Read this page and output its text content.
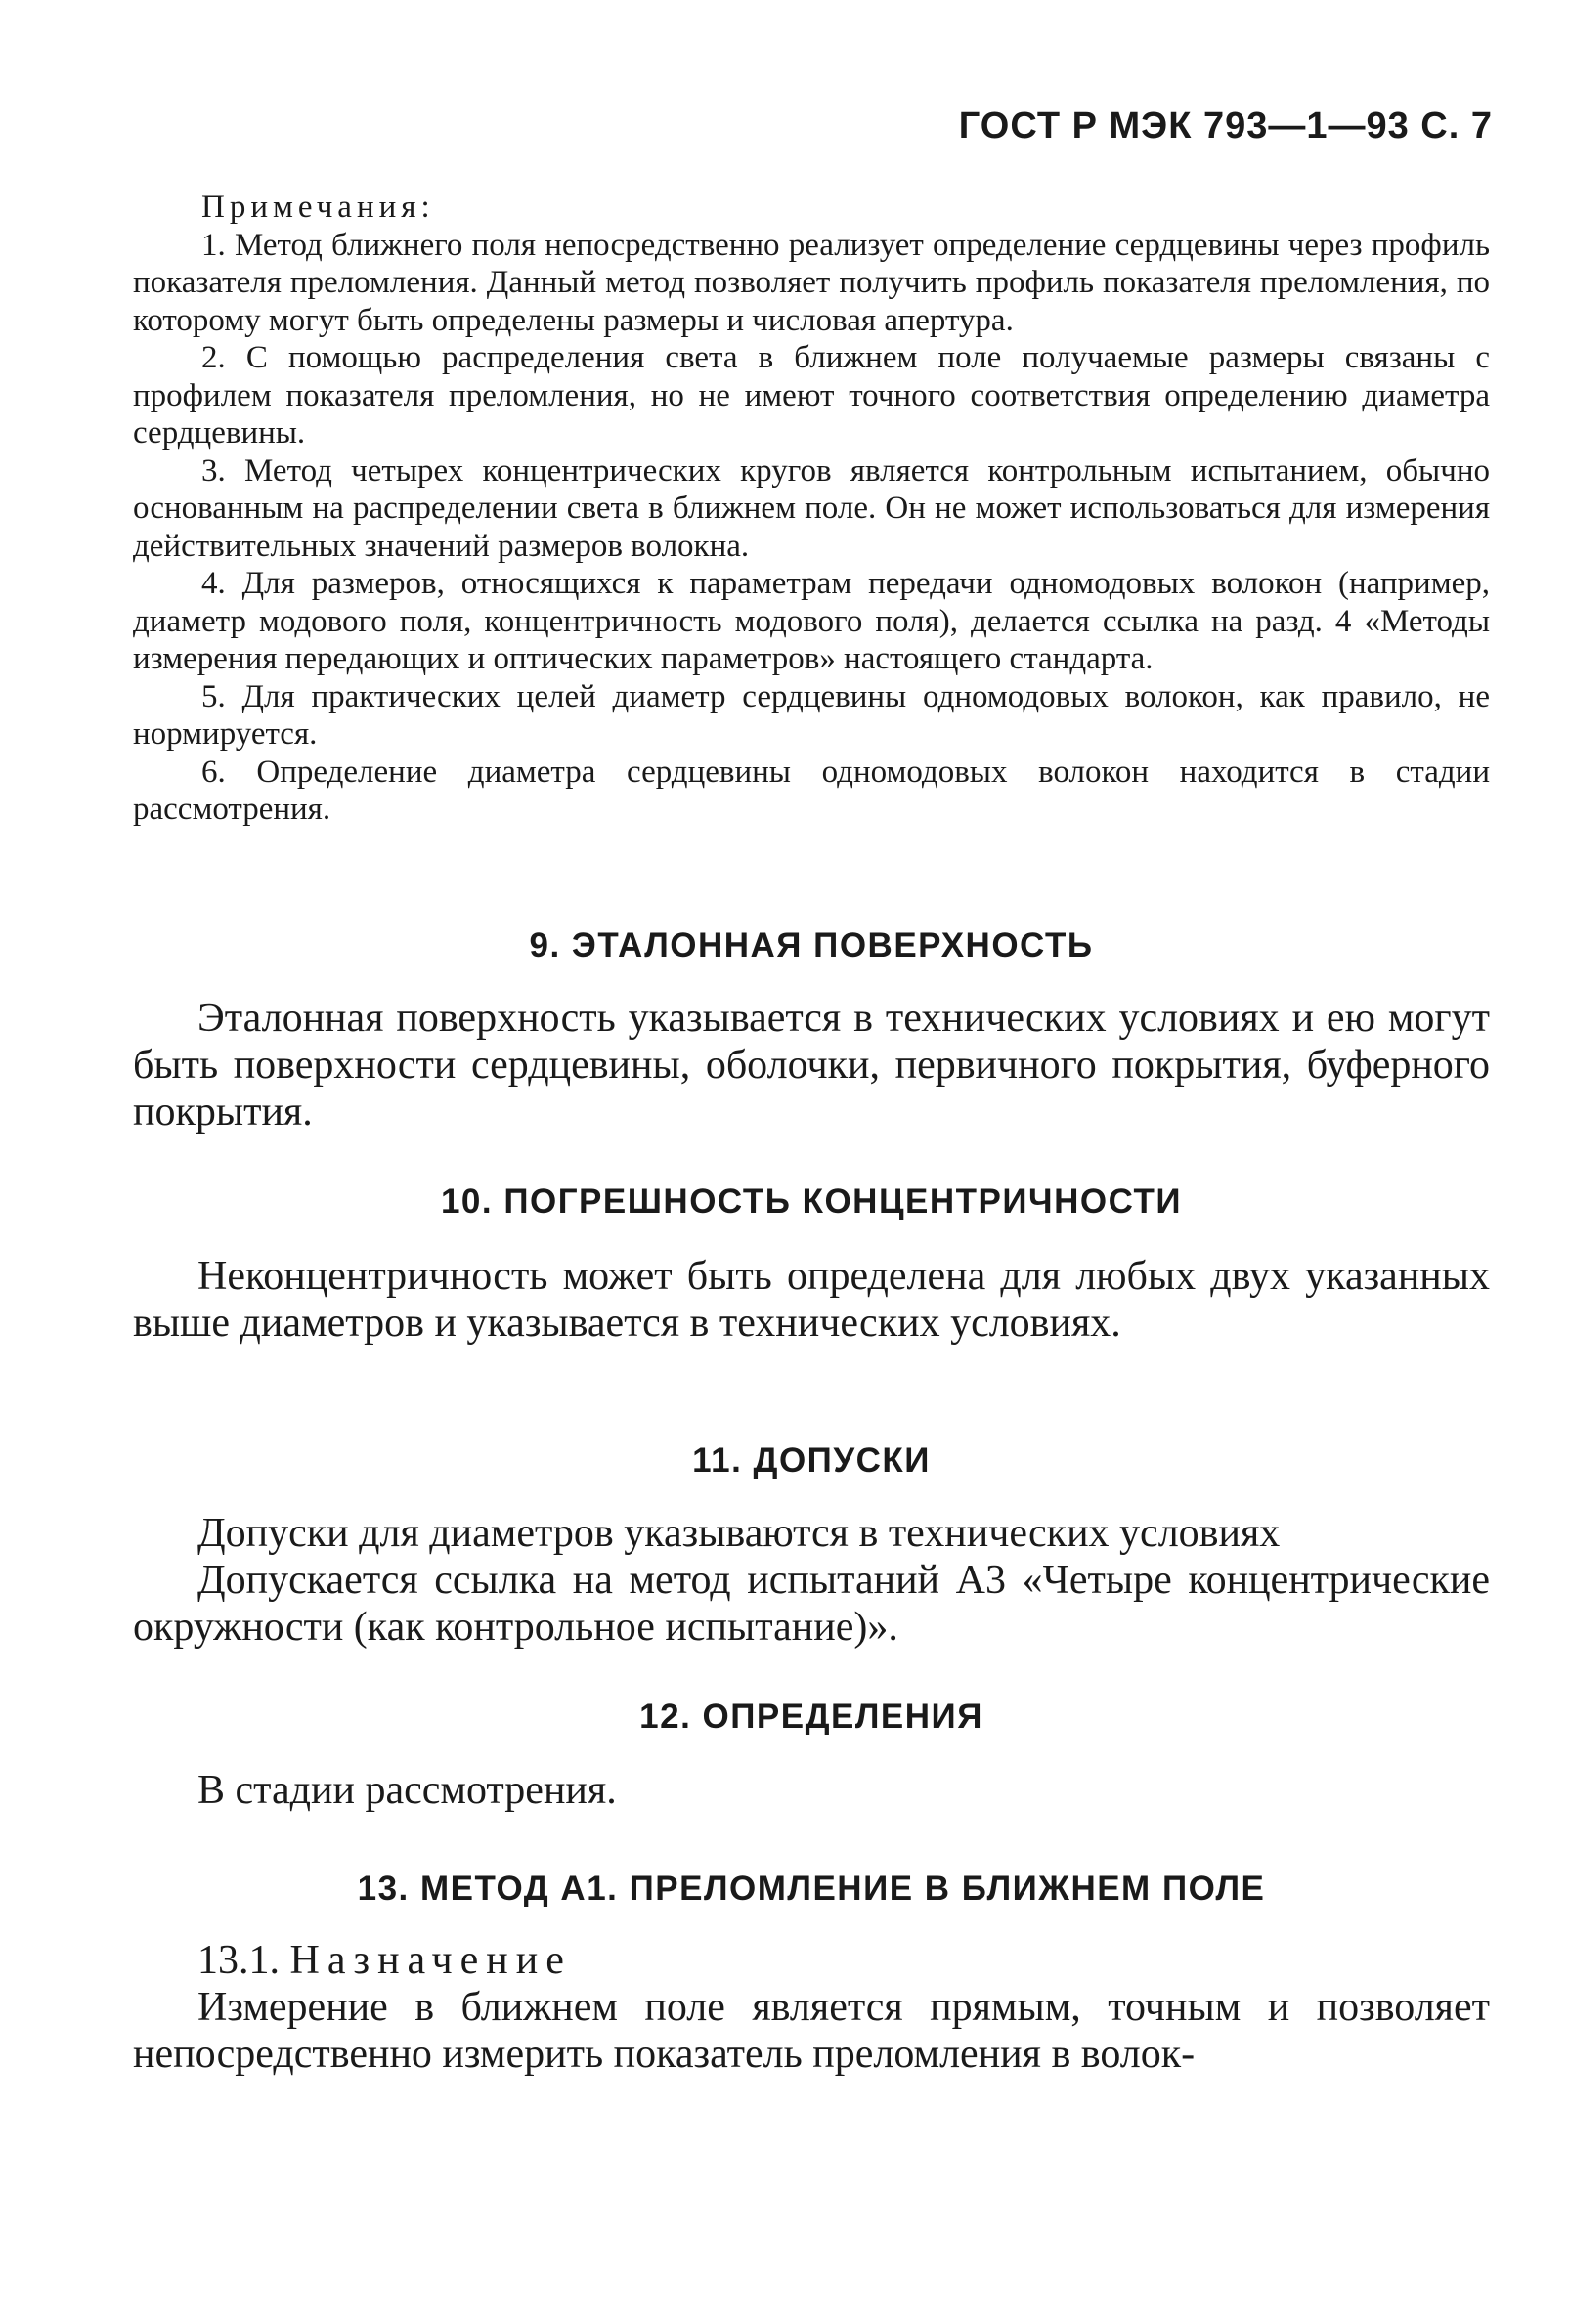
ГОСТ Р МЭК 793—1—93 С. 7

Примечания:

1. Метод ближнего поля непосредственно реализует определение сердцевины через профиль показателя преломления. Данный метод позволяет получить профиль показателя преломления, по которому могут быть определены размеры и числовая апертура.

2. С помощью распределения света в ближнем поле получаемые размеры связаны с профилем показателя преломления, но не имеют точного соответствия определению диаметра сердцевины.

3. Метод четырех концентрических кругов является контрольным испытанием, обычно основанным на распределении света в ближнем поле. Он не может использоваться для измерения действительных значений размеров волокна.

4. Для размеров, относящихся к параметрам передачи одномодовых волокон (например, диаметр модового поля, концентричность модового поля), делается ссылка на разд. 4 «Методы измерения передающих и оптических параметров» настоящего стандарта.

5. Для практических целей диаметр сердцевины одномодовых волокон, как правило, не нормируется.

6. Определение диаметра сердцевины одномодовых волокон находится в стадии рассмотрения.

9. ЭТАЛОННАЯ ПОВЕРХНОСТЬ

Эталонная поверхность указывается в технических условиях и ею могут быть поверхности сердцевины, оболочки, первичного покрытия, буферного покрытия.

10. ПОГРЕШНОСТЬ КОНЦЕНТРИЧНОСТИ

Неконцентричность может быть определена для любых двух указанных выше диаметров и указывается в технических условиях.

11. ДОПУСКИ

Допуски для диаметров указываются в технических условиях

Допускается ссылка на метод испытаний А3 «Четыре концентрические окружности (как контрольное испытание)».

12. ОПРЕДЕЛЕНИЯ

В стадии рассмотрения.

13. МЕТОД А1. ПРЕЛОМЛЕНИЕ В БЛИЖНЕМ ПОЛЕ

13.1. Назначение

Измерение в ближнем поле является прямым, точным и позволяет непосредственно измерить показатель преломления в волок-
